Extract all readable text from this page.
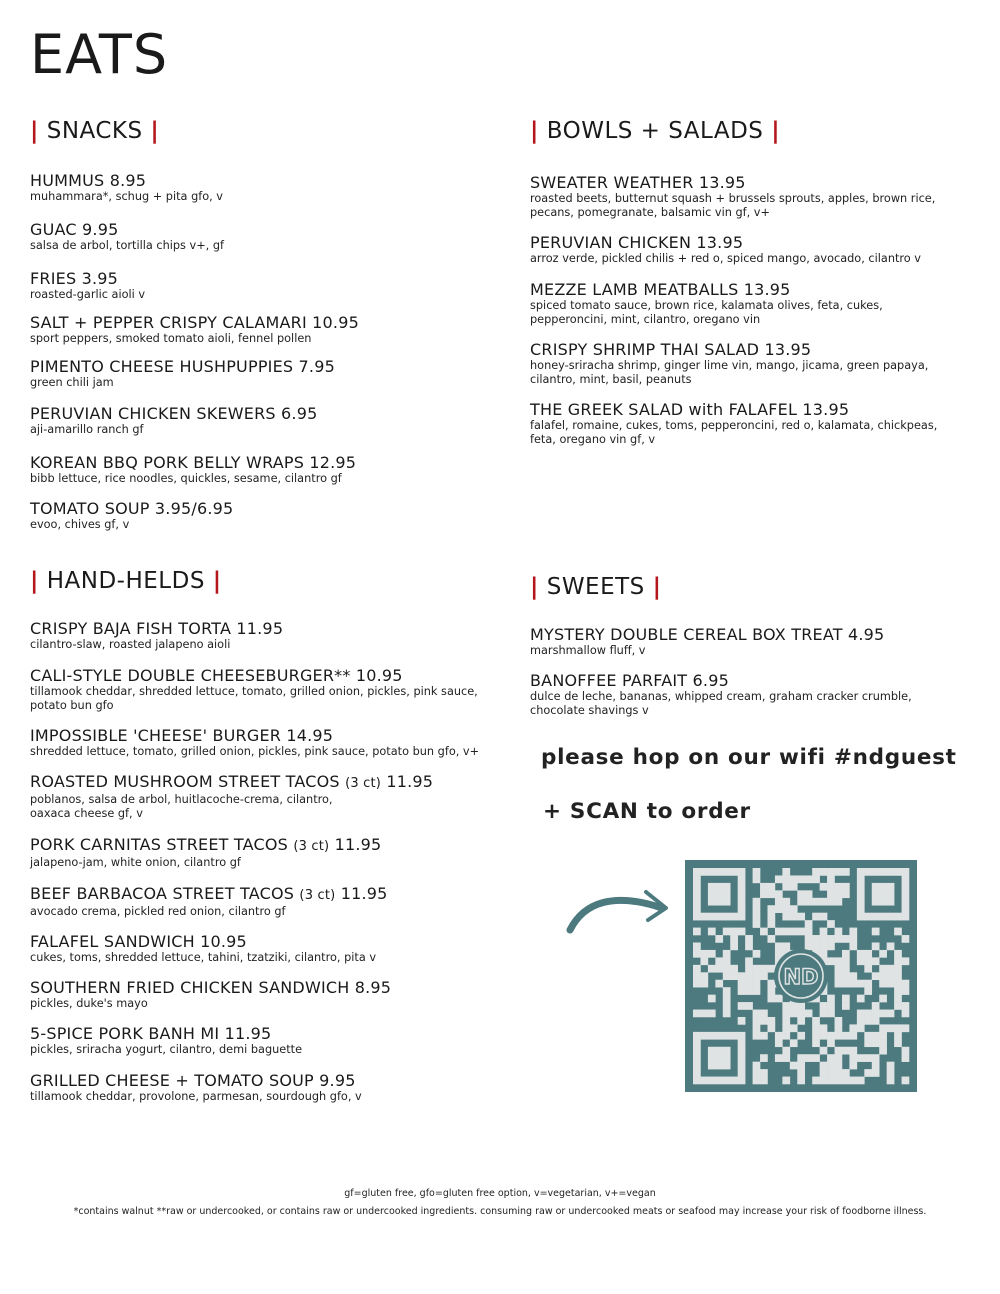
EATS
| SNACKS |
HUMMUS 8.95
muhammara*, schug + pita gfo, v
GUAC 9.95
salsa de arbol, tortilla chips v+, gf
FRIES 3.95
roasted-garlic aioli v
SALT + PEPPER CRISPY CALAMARI 10.95
sport peppers, smoked tomato aioli, fennel pollen
PIMENTO CHEESE HUSHPUPPIES 7.95
green chili jam
PERUVIAN CHICKEN SKEWERS 6.95
aji-amarillo ranch gf
KOREAN BBQ PORK BELLY WRAPS 12.95
bibb lettuce, rice noodles, quickles, sesame, cilantro gf
TOMATO SOUP 3.95/6.95
evoo, chives gf, v
| BOWLS + SALADS |
SWEATER WEATHER 13.95
roasted beets, butternut squash + brussels sprouts, apples, brown rice,
pecans, pomegranate, balsamic vin gf, v+
PERUVIAN CHICKEN 13.95
arroz verde, pickled chilis + red o, spiced mango, avocado, cilantro v
MEZZE LAMB MEATBALLS 13.95
spiced tomato sauce, brown rice, kalamata olives, feta, cukes,
pepperoncini, mint, cilantro, oregano vin
CRISPY SHRIMP THAI SALAD 13.95
honey-sriracha shrimp, ginger lime vin, mango, jicama, green papaya,
cilantro, mint, basil, peanuts
THE GREEK SALAD with FALAFEL 13.95
falafel, romaine, cukes, toms, pepperoncini, red o, kalamata, chickpeas,
feta, oregano vin gf, v
| HAND-HELDS |
CRISPY BAJA FISH TORTA 11.95
cilantro-slaw, roasted jalapeno aioli
CALI-STYLE DOUBLE CHEESEBURGER** 10.95
tillamook cheddar, shredded lettuce, tomato, grilled onion, pickles, pink sauce,
potato bun gfo
IMPOSSIBLE 'CHEESE' BURGER 14.95
shredded lettuce, tomato, grilled onion, pickles, pink sauce, potato bun gfo, v+
ROASTED MUSHROOM STREET TACOS (3 ct) 11.95
poblanos, salsa de arbol, huitlacoche-crema, cilantro,
oaxaca cheese gf, v
PORK CARNITAS STREET TACOS (3 ct) 11.95
jalapeno-jam, white onion, cilantro gf
BEEF BARBACOA STREET TACOS (3 ct) 11.95
avocado crema, pickled red onion, cilantro gf
FALAFEL SANDWICH 10.95
cukes, toms, shredded lettuce, tahini, tzatziki, cilantro, pita v
SOUTHERN FRIED CHICKEN SANDWICH 8.95
pickles, duke's mayo
5-SPICE PORK BANH MI 11.95
pickles, sriracha yogurt, cilantro, demi baguette
GRILLED CHEESE + TOMATO SOUP 9.95
tillamook cheddar, provolone, parmesan, sourdough gfo, v
| SWEETS |
MYSTERY DOUBLE CEREAL BOX TREAT 4.95
marshmallow fluff, v
BANOFFEE PARFAIT 6.95
dulce de leche, bananas, whipped cream, graham cracker crumble,
chocolate shavings v
please hop on our wifi #ndguest
+ SCAN to order
ND
gf=gluten free, gfo=gluten free option, v=vegetarian, v+=vegan
*contains walnut **raw or undercooked, or contains raw or undercooked ingredients. consuming raw or undercooked meats or seafood may increase your risk of foodborne illness.
